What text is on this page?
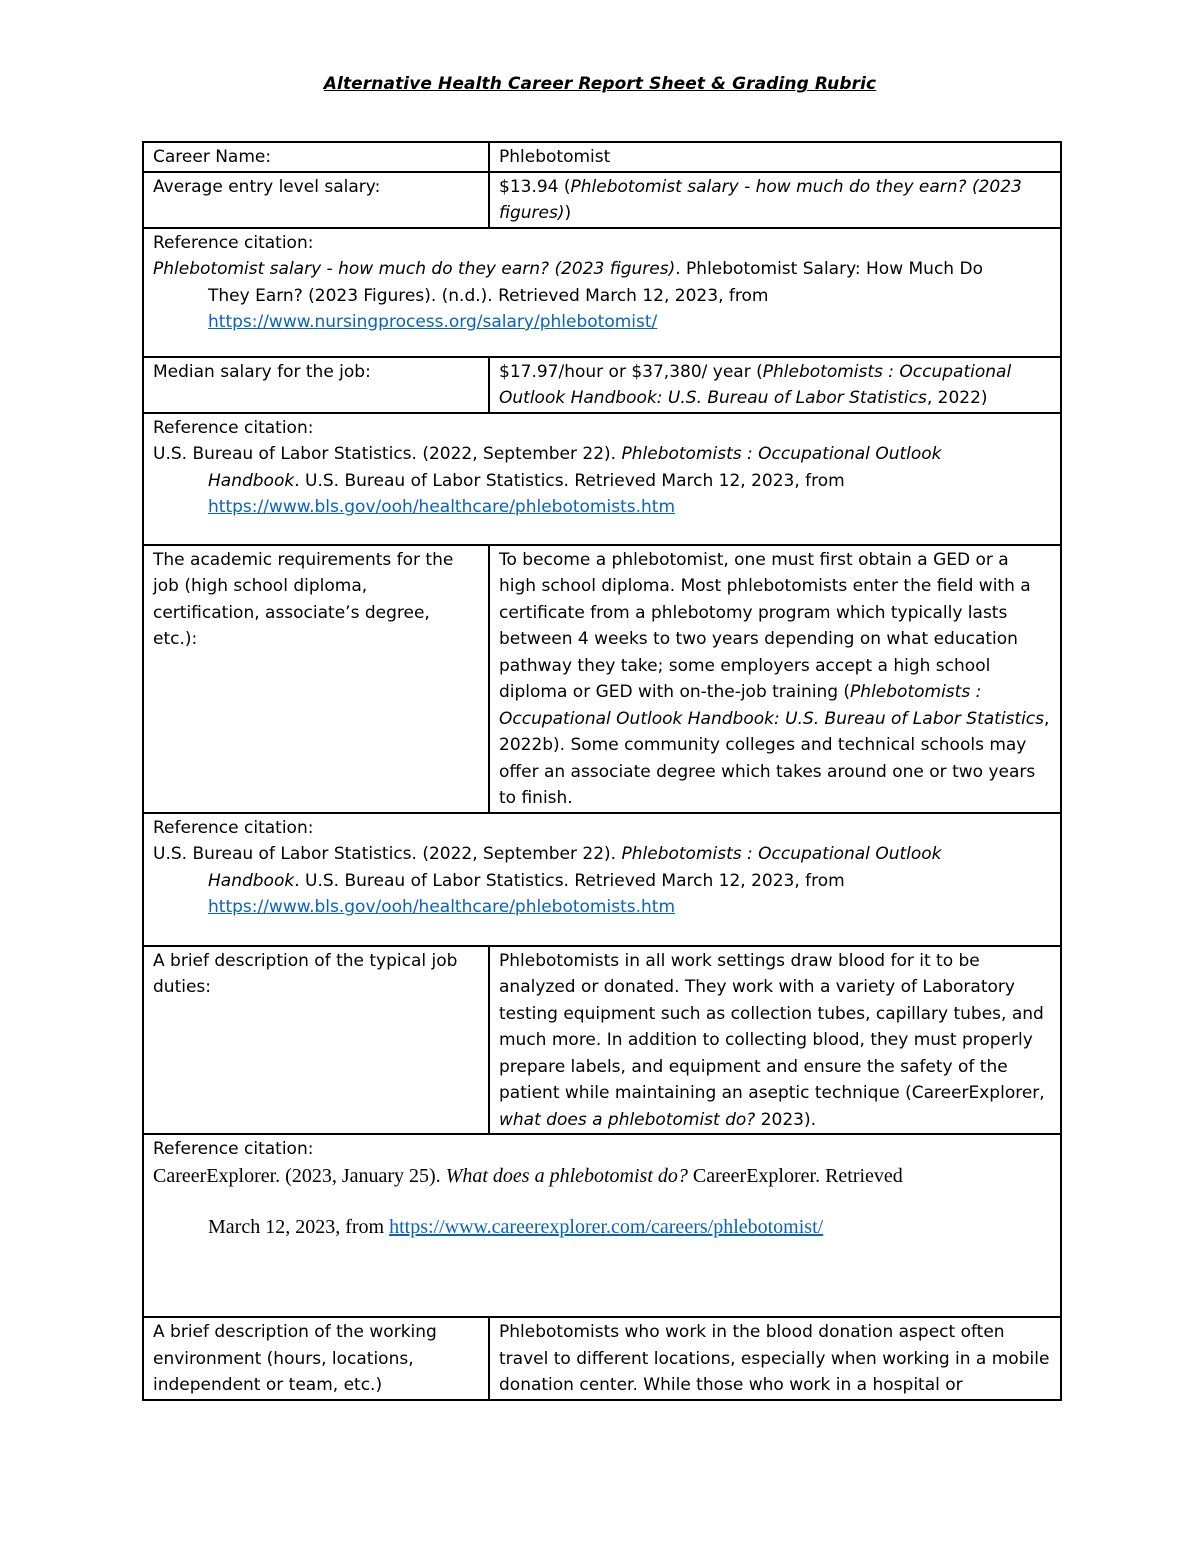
Alternative Health Career Report Sheet & Grading Rubric
Career Name:	Phlebotomist
Average entry level salary:	$13.94 (Phlebotomist salary - how much do they earn? (2023 figures))

Reference citation:
Phlebotomist salary - how much do they earn? (2023 figures). Phlebotomist Salary: How Much Do
They Earn? (2023 Figures). (n.d.). Retrieved March 12, 2023, from
https://www.nursingprocess.org/salary/phlebotomist/	

Median salary for the job:	$17.97/hour or $37,380/ year (Phlebotomists : Occupational Outlook Handbook: U.S. Bureau of Labor Statistics, 2022)

Reference citation:
U.S. Bureau of Labor Statistics. (2022, September 22). Phlebotomists : Occupational Outlook
Handbook. U.S. Bureau of Labor Statistics. Retrieved March 12, 2023, from
https://www.bls.gov/ooh/healthcare/phlebotomists.htm	

The academic requirements for the job (high school diploma, certification, associate’s degree, etc.):	To become a phlebotomist, one must first obtain a GED or a high school diploma. Most phlebotomists enter the field with a certificate from a phlebotomy program which typically lasts between 4 weeks to two years depending on what education pathway they take; some employers accept a high school diploma or GED with on-the-job training (Phlebotomists : Occupational Outlook Handbook: U.S. Bureau of Labor Statistics, 2022b). Some community colleges and technical schools may offer an associate degree which takes around one or two years to finish.

Reference citation:
U.S. Bureau of Labor Statistics. (2022, September 22). Phlebotomists : Occupational Outlook
Handbook. U.S. Bureau of Labor Statistics. Retrieved March 12, 2023, from
https://www.bls.gov/ooh/healthcare/phlebotomists.htm	

A brief description of the typical job duties:	Phlebotomists in all work settings draw blood for it to be analyzed or donated. They work with a variety of Laboratory testing equipment such as collection tubes, capillary tubes, and much more. In addition to collecting blood, they must properly prepare labels, and equipment and ensure the safety of the patient while maintaining an aseptic technique (CareerExplorer, what does a phlebotomist do? 2023).

Reference citation:
CareerExplorer. (2023, January 25). What does a phlebotomist do? CareerExplorer. Retrieved
March 12, 2023, from https://www.careerexplorer.com/careers/phlebotomist/	

A brief description of the working environment (hours, locations, independent or team, etc.)	Phlebotomists who work in the blood donation aspect often travel to different locations, especially when working in a mobile donation center. While those who work in a hospital or
